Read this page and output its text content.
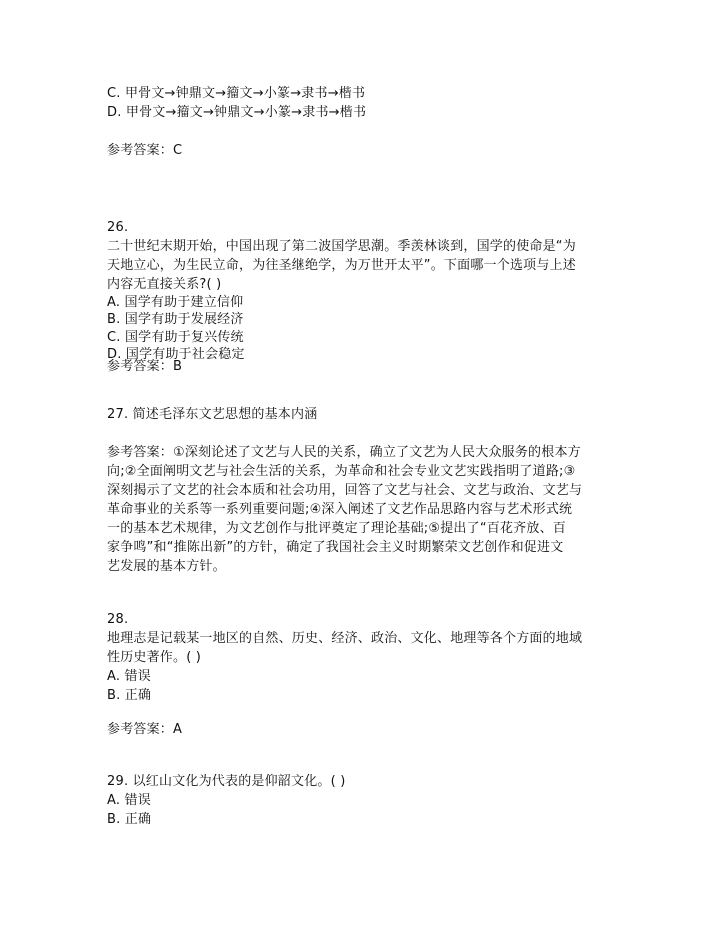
C. 甲骨文→钟鼎文→籀文→小篆→隶书→楷书
D. 甲骨文→籀文→钟鼎文→小篆→隶书→楷书
参考答案：C
26.
二十世纪末期开始，中国出现了第二波国学思潮。季羡林谈到，国学的使命是“为
天地立心，为生民立命，为往圣继绝学，为万世开太平”。下面哪一个选项与上述
内容无直接关系?( )
A. 国学有助于建立信仰
B. 国学有助于发展经济
C. 国学有助于复兴传统
D. 国学有助于社会稳定
参考答案：B
27. 简述毛泽东文艺思想的基本内涵
参考答案：①深刻论述了文艺与人民的关系，确立了文艺为人民大众服务的根本方
向;②全面阐明文艺与社会生活的关系，为革命和社会专业文艺实践指明了道路;③
深刻揭示了文艺的社会本质和社会功用，回答了文艺与社会、文艺与政治、文艺与
革命事业的关系等一系列重要问题;④深入阐述了文艺作品思路内容与艺术形式统
一的基本艺术规律，为文艺创作与批评奠定了理论基础;⑤提出了“百花齐放、百
家争鸣”和“推陈出新”的方针，确定了我国社会主义时期繁荣文艺创作和促进文
艺发展的基本方针。
28.
地理志是记载某一地区的自然、历史、经济、政治、文化、地理等各个方面的地域
性历史著作。( )
A. 错误
B. 正确
参考答案：A
29. 以红山文化为代表的是仰韶文化。( )
A. 错误
B. 正确
